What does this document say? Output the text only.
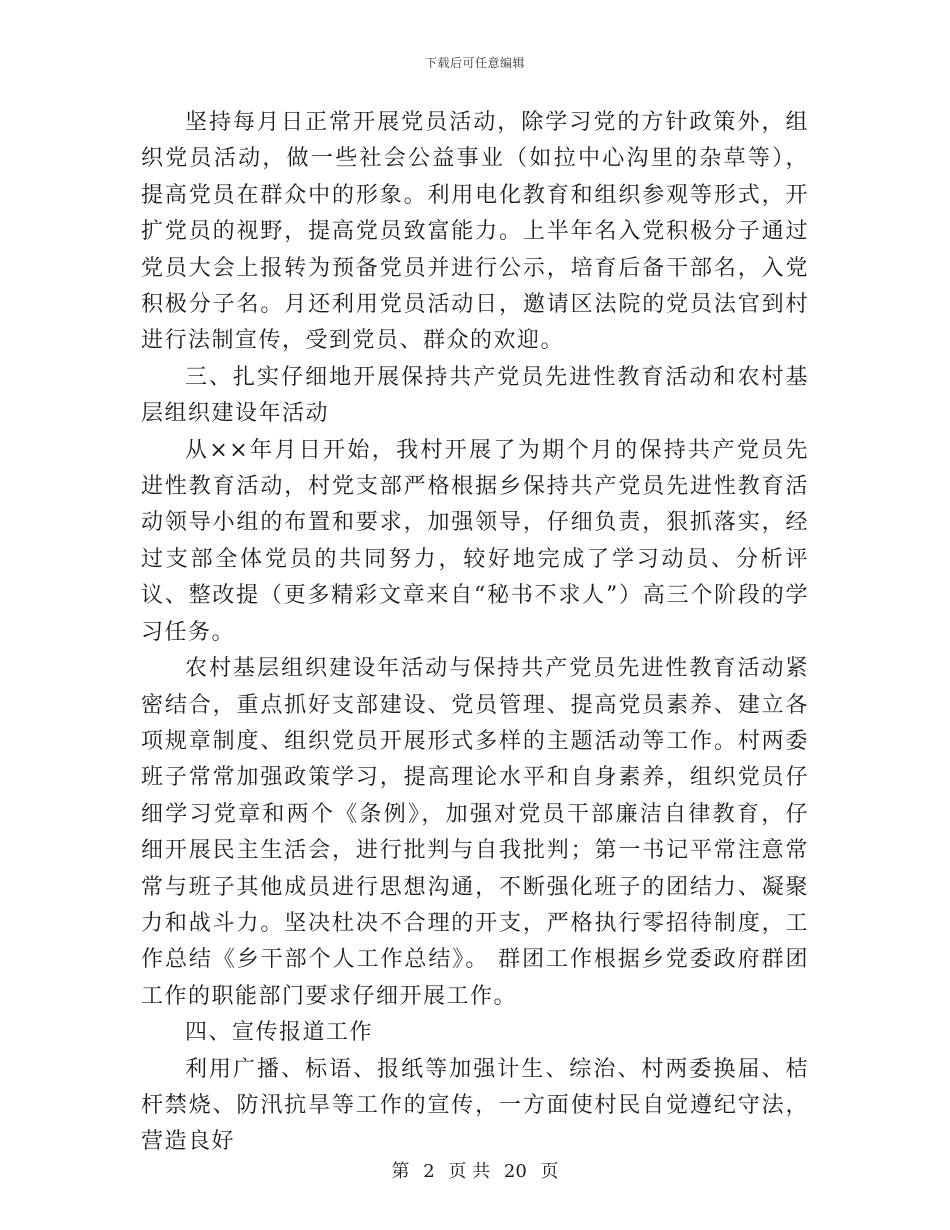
下载后可任意编辑

坚持每月日正常开展党员活动，除学习党的方针政策外，组织党员活动，做一些社会公益事业（如拉中心沟里的杂草等），提高党员在群众中的形象。利用电化教育和组织参观等形式，开扩党员的视野，提高党员致富能力。上半年名入党积极分子通过党员大会上报转为预备党员并进行公示，培育后备干部名，入党积极分子名。月还利用党员活动日，邀请区法院的党员法官到村进行法制宣传，受到党员、群众的欢迎。

三、扎实仔细地开展保持共产党员先进性教育活动和农村基层组织建设年活动

从××年月日开始，我村开展了为期个月的保持共产党员先进性教育活动，村党支部严格根据乡保持共产党员先进性教育活动领导小组的布置和要求，加强领导，仔细负责，狠抓落实，经过支部全体党员的共同努力，较好地完成了学习动员、分析评议、整改提（更多精彩文章来自“秘书不求人”）高三个阶段的学习任务。

农村基层组织建设年活动与保持共产党员先进性教育活动紧密结合，重点抓好支部建设、党员管理、提高党员素养、建立各项规章制度、组织党员开展形式多样的主题活动等工作。村两委班子常常加强政策学习，提高理论水平和自身素养，组织党员仔细学习党章和两个《条例》，加强对党员干部廉洁自律教育，仔细开展民主生活会，进行批判与自我批判；第一书记平常注意常常与班子其他成员进行思想沟通，不断强化班子的团结力、凝聚力和战斗力。坚决杜决不合理的开支，严格执行零招待制度，工作总结《乡干部个人工作总结》。 群团工作根据乡党委政府群团工作的职能部门要求仔细开展工作。

四、宣传报道工作

利用广播、标语、报纸等加强计生、综治、村两委换届、桔杆禁烧、防汛抗旱等工作的宣传，一方面使村民自觉遵纪守法，营造良好

第 2 页 共 20 页
